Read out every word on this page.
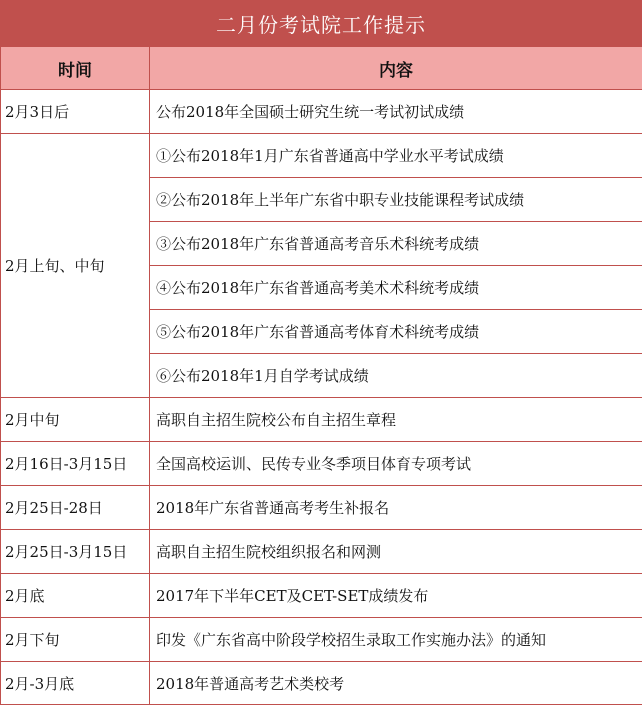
二月份考试院工作提示
时间	内容
2月3日后	公布2018年全国硕士研究生统一考试初试成绩
2月上旬、中旬	①公布2018年1月广东省普通高中学业水平考试成绩
	②公布2018年上半年广东省中职专业技能课程考试成绩
	③公布2018年广东省普通高考音乐术科统考成绩
	④公布2018年广东省普通高考美术术科统考成绩
	⑤公布2018年广东省普通高考体育术科统考成绩
	⑥公布2018年1月自学考试成绩
2月中旬	高职自主招生院校公布自主招生章程
2月16日-3月15日	全国高校运训、民传专业冬季项目体育专项考试
2月25日-28日	2018年广东省普通高考考生补报名
2月25日-3月15日	高职自主招生院校组织报名和网测
2月底	2017年下半年CET及CET-SET成绩发布
2月下旬	印发《广东省高中阶段学校招生录取工作实施办法》的通知
2月-3月底	2018年普通高考艺术类校考
